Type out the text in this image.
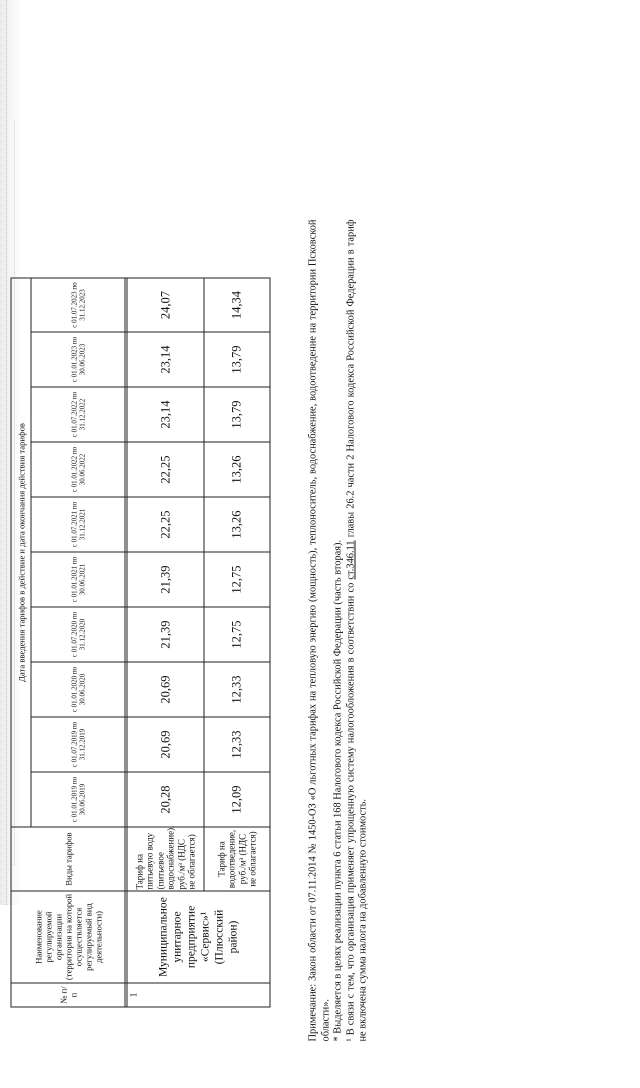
№ п/п	Наименование регулируемой организации (территория на которой осуществляется регулируемый вид деятельности)	Виды тарифов	Дата введения тарифов в действие и дата окончания действия тарифов									
			с 01.01.2019 по 30.06.2019	с 01.07.2019 по 31.12.2019	с 01.01.2020 по 30.06.2020	с 01.07.2020 по 31.12.2020	с 01.01.2021 по 30.06.2021	с 01.07.2021 по 31.12.2021	с 01.01.2022 по 30.06.2022	с 01.07.2022 по 31.12.2022	с 01.01.2023 по 30.06.2023	с 01.07.2023 по 31.12.2023

1	Муниципальное унитарное предприятие «Сервис»¹ (Плюсский район)	Тариф на питьевую воду (питьевое водоснабжение), руб./м³ (НДС не облагается)	20,28	20,69	20,69	21,39	21,39	22,25	22,25	23,14	23,14	24,07
		Тариф на водоотведение, руб./м³ (НДС не облагается)	12,09	12,33	12,33	12,75	12,75	13,26	13,26	13,79	13,79	14,34	Примечание: Закон области от 07.11.2014 № 1450-ОЗ «О льготных тарифах на тепловую энергию (мощность), теплоноситель, водоснабжение, водоотведение на территории Псковской области». * Выделяется в целях реализации пункта 6 статьи 168 Налогового кодекса Российской Федерации (часть вторая). ¹ В связи с тем, что организация применяет упрощенную систему налогообложения в соответствии со ст.346.11 главы 26.2 части 2 Налогового кодекса Российской Федерации в тариф не включена сумма налога на добавленную стоимость.
